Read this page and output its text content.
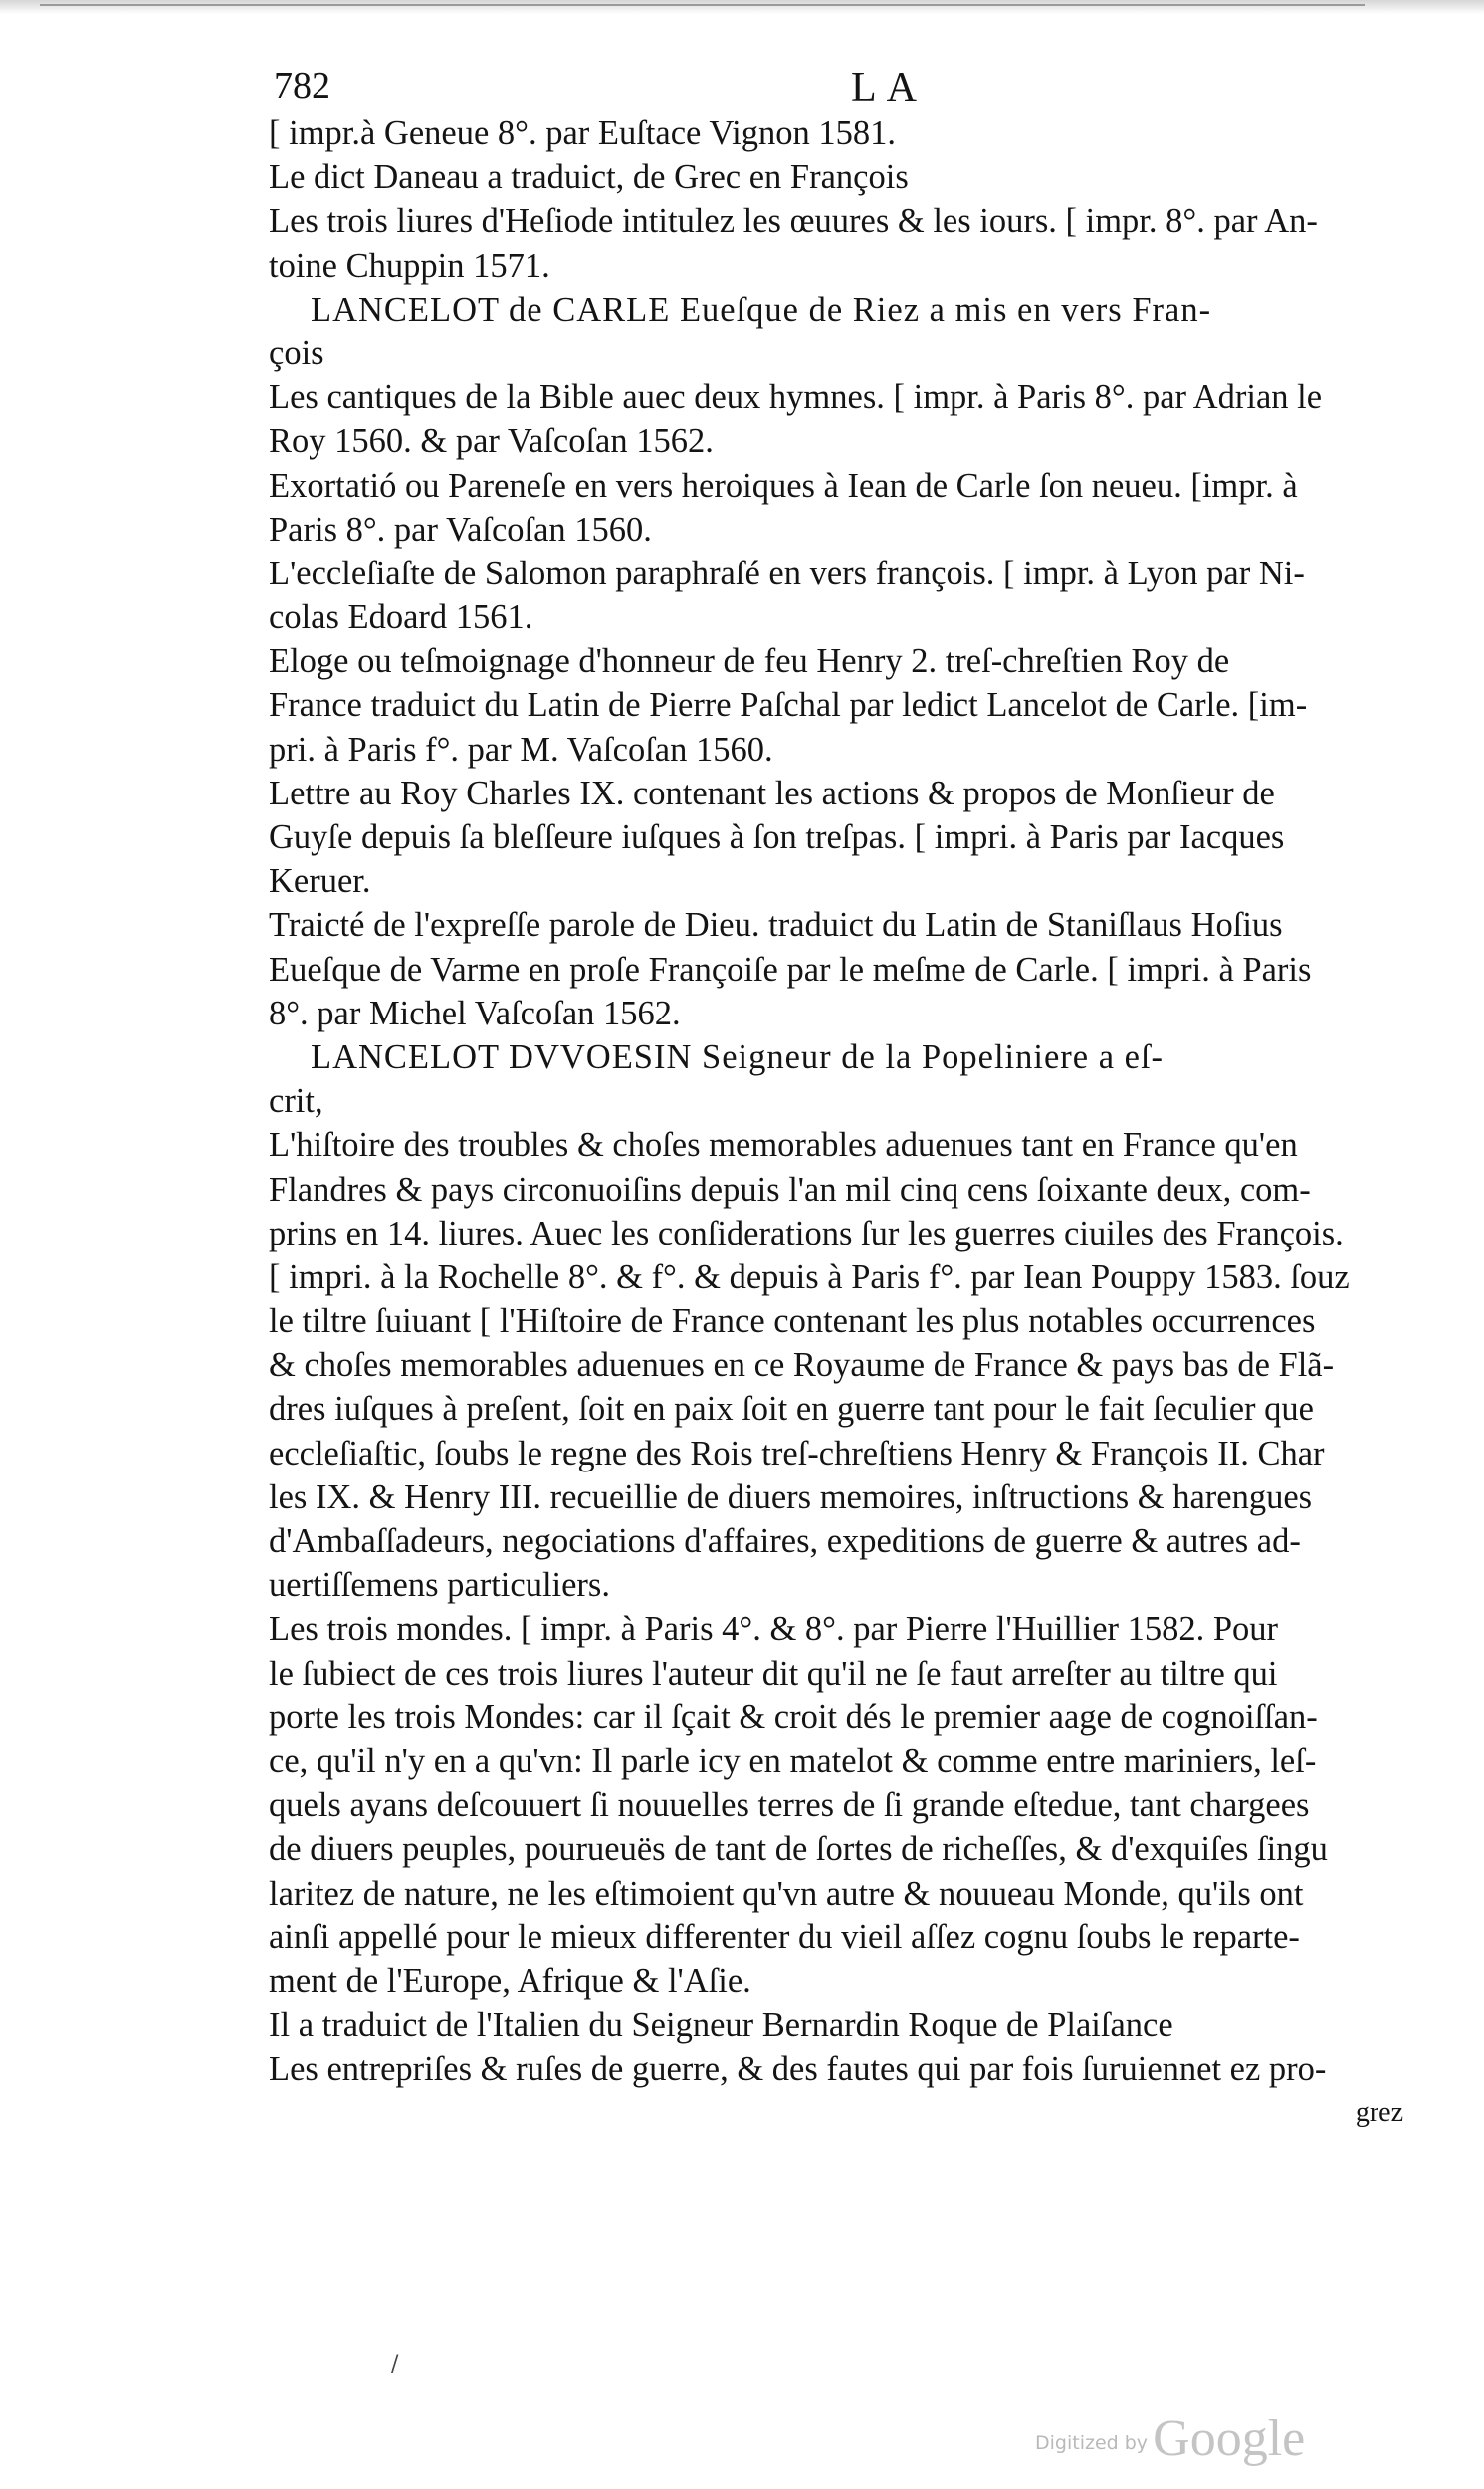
782	LA
[ impr.à Geneue 8°. par Euſtace Vignon 1581.
Le dict Daneau a traduict, de Grec en François
Les trois liures d'Heſiode intitulez les œuures & les iours. [ impr. 8°. par An-
toine Chuppin 1571.
LANCELOT de CARLE Eueſque de Riez a mis en vers Fran-
çois
Les cantiques de la Bible auec deux hymnes. [ impr. à Paris 8°. par Adrian le
Roy 1560. & par Vaſcoſan 1562.
Exortatió ou Pareneſe en vers heroiques à Iean de Carle ſon neueu. [impr. à
Paris 8°. par Vaſcoſan 1560.
L'eccleſiaſte de Salomon paraphraſé en vers françois. [ impr. à Lyon par Ni-
colas Edoard 1561.
Eloge ou teſmoignage d'honneur de feu Henry 2. treſ-chreſtien Roy de
France traduict du Latin de Pierre Paſchal par ledict Lancelot de Carle. [im-
pri. à Paris f°. par M. Vaſcoſan 1560.
Lettre au Roy Charles IX. contenant les actions & propos de Monſieur de
Guyſe depuis ſa bleſſeure iuſques à ſon treſpas. [ impri. à Paris par Iacques
Keruer.
Traicté de l'expreſſe parole de Dieu. traduict du Latin de Staniſlaus Hoſius
Eueſque de Varme en proſe Françoiſe par le meſme de Carle. [ impri. à Paris
8°. par Michel Vaſcoſan 1562.
LANCELOT DVVOESIN Seigneur de la Popeliniere a eſ-
crit,
L'hiſtoire des troubles & choſes memorables aduenues tant en France qu'en
Flandres & pays circonuoiſins depuis l'an mil cinq cens ſoixante deux, com-
prins en 14. liures. Auec les conſiderations ſur les guerres ciuiles des François.
[ impri. à la Rochelle 8°. & f°. & depuis à Paris f°. par Iean Pouppy 1583. ſouz
le tiltre ſuiuant [ l'Hiſtoire de France contenant les plus notables occurrences
& choſes memorables aduenues en ce Royaume de France & pays bas de Flã-
dres iuſques à preſent, ſoit en paix ſoit en guerre tant pour le fait ſeculier que
eccleſiaſtic, ſoubs le regne des Rois treſ-chreſtiens Henry & François II. Char
les IX. & Henry III. recueillie de diuers memoires, inſtructions & harengues
d'Ambaſſadeurs, negociations d'affaires, expeditions de guerre & autres ad-
uertiſſemens particuliers.
Les trois mondes. [ impr. à Paris 4°. & 8°. par Pierre l'Huillier 1582. Pour
le ſubiect de ces trois liures l'auteur dit qu'il ne ſe faut arreſter au tiltre qui
porte les trois Mondes: car il ſçait & croit dés le premier aage de cognoiſſan-
ce, qu'il n'y en a qu'vn: Il parle icy en matelot & comme entre mariniers, leſ-
quels ayans deſcouuert ſi nouuelles terres de ſi grande eſtedue, tant chargees
de diuers peuples, pourueuës de tant de ſortes de richeſſes, & d'exquiſes ſingu
laritez de nature, ne les eſtimoient qu'vn autre & nouueau Monde, qu'ils ont
ainſi appellé pour le mieux differenter du vieil aſſez cognu ſoubs le reparte-
ment de l'Europe, Afrique & l'Aſie.
Il a traduict de l'Italien du Seigneur Bernardin Roque de Plaiſance
Les entrepriſes & ruſes de guerre, & des fautes qui par fois ſuruiennet ez pro-
grez
/
Digitized by Google
